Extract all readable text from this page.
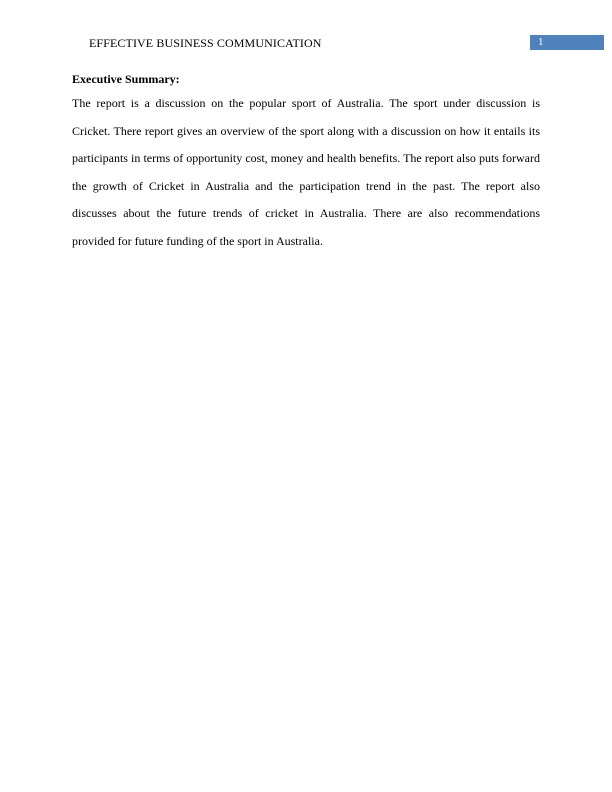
EFFECTIVE BUSINESS COMMUNICATION	1
Executive Summary:

The report is a discussion on the popular sport of Australia. The sport under discussion is Cricket. There report gives an overview of the sport along with a discussion on how it entails its participants in terms of opportunity cost, money and health benefits. The report also puts forward the growth of Cricket in Australia and the participation trend in the past. The report also discusses about the future trends of cricket in Australia. There are also recommendations provided for future funding of the sport in Australia.
